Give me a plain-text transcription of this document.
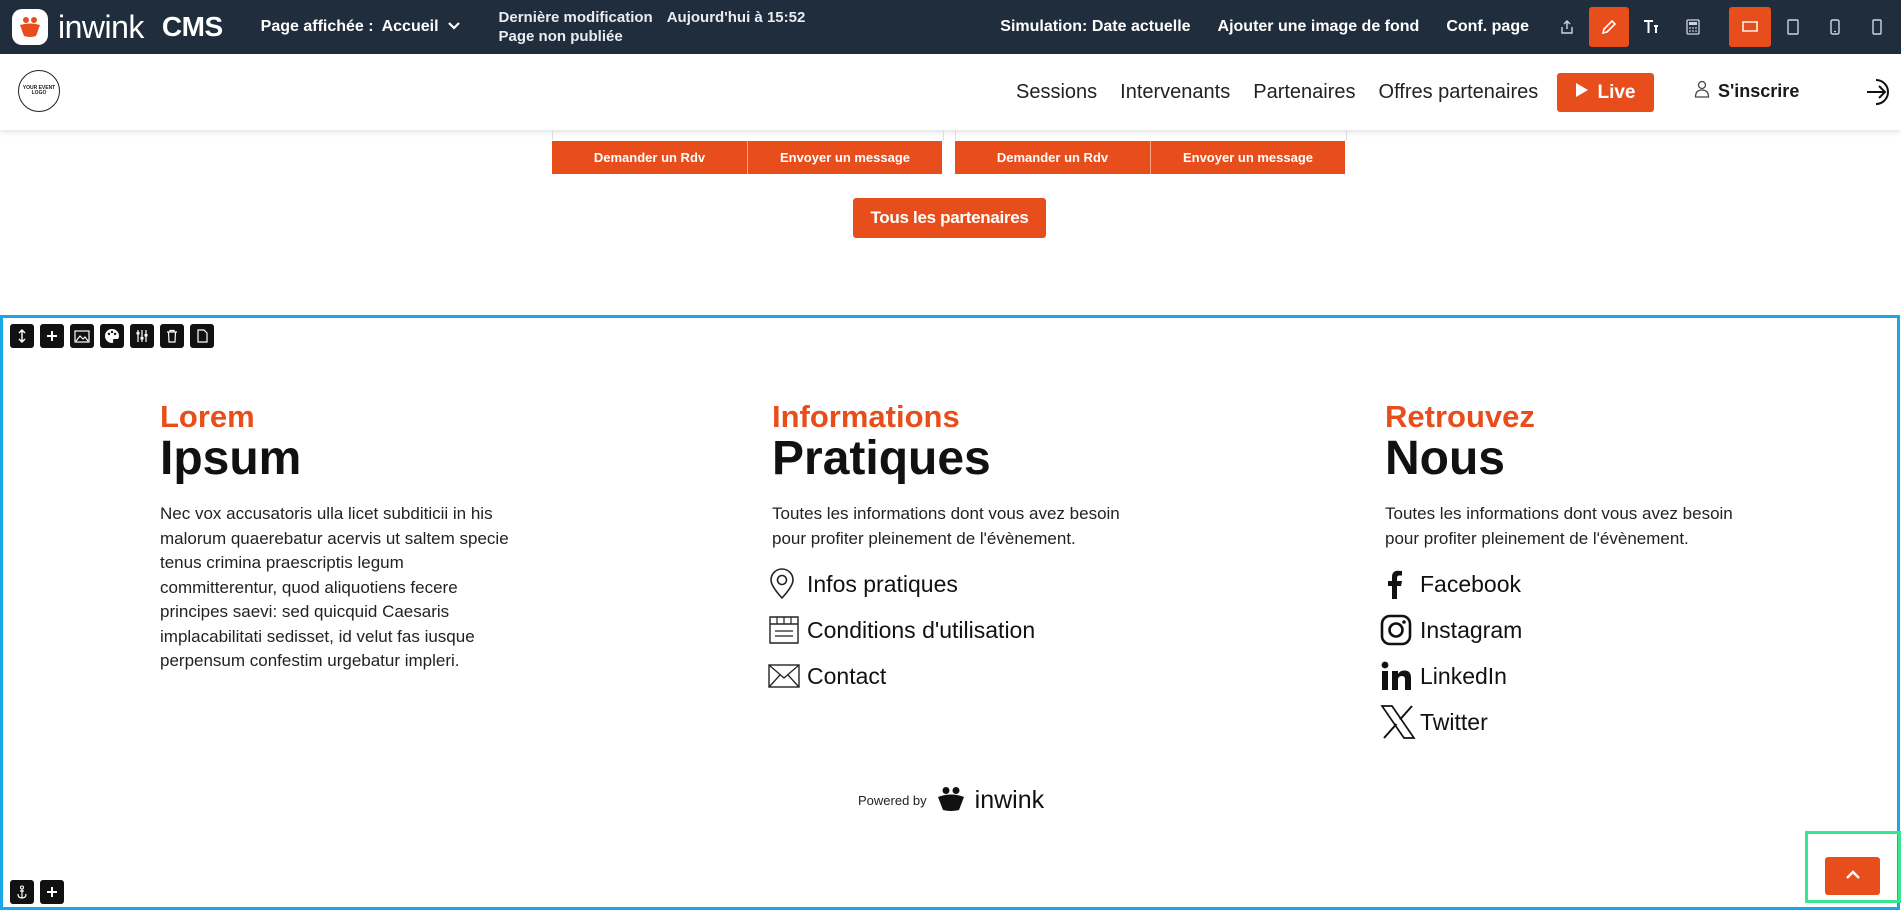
inwink CMS Page affichée : Accueil
Dernière modification Aujourd'hui à 15:52
Page non publiée
Simulation: Date actuelle Ajouter une image de fond Conf. page
YOUR EVENT LOGO	Sessions Intervenants Partenaires Offres partenaires	Live	S'inscrire
Demander un Rdv	Envoyer un message	Demander un Rdv	Envoyer un message
Tous les partenaires
Lorem
Ipsum
Nec vox accusatoris ulla licet subditicii in his malorum quaerebatur acervis ut saltem specie tenus crimina praescriptis legum committerentur, quod aliquotiens fecere principes saevi: sed quicquid Caesaris implacabilitati sedisset, id velut fas iusque perpensum confestim urgebatur impleri.
Informations
Pratiques
Toutes les informations dont vous avez besoin pour profiter pleinement de l'évènement.
Infos pratiques
Conditions d'utilisation
Contact
Retrouvez
Nous
Toutes les informations dont vous avez besoin pour profiter pleinement de l'évènement.
Facebook
Instagram
LinkedIn
Twitter
Powered by inwink
